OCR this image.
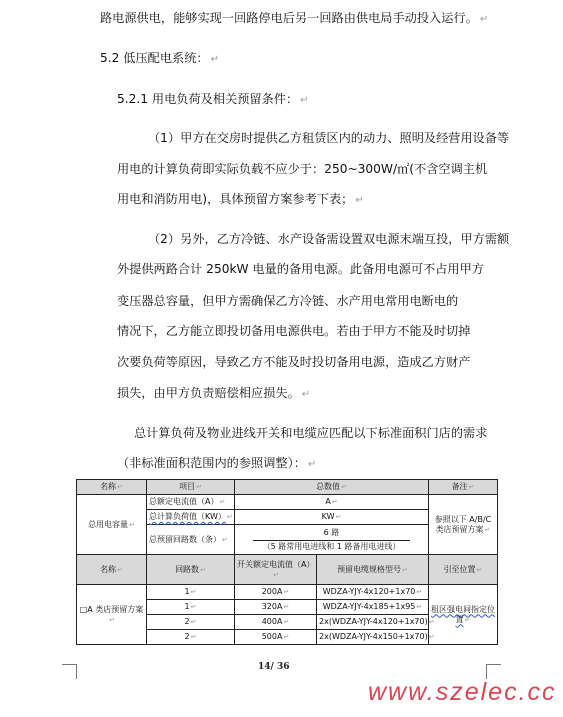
路电源供电，能够实现一回路停电后另一回路由供电局手动投入运行。 ↵
5.2 低压配电系统： ↵
5.2.1 用电负荷及相关预留条件： ↵
（1）甲方在交房时提供乙方租赁区内的动力、照明及经营用设备等
用电的计算负荷即实际负载不应少于：250~300W/㎡(不含空调主机
用电和消防用电)，具体预留方案参考下表； ↵
（2）另外，乙方冷链、水产设备需设置双电源末端互投，甲方需额
外提供两路合计 250kW 电量的备用电源。此备用电源可不占用甲方
变压器总容量，但甲方需确保乙方冷链、水产用电常用电断电的
情况下，乙方能立即投切备用电源供电。若由于甲方不能及时切掉
次要负荷等原因，导致乙方不能及时投切备用电源，造成乙方财产
损失，由甲方负责赔偿相应损失。 ↵
总计算负荷及物业进线开关和电缆应匹配以下标准面积门店的需求
（非标准面积范围内的参照调整）： ↵
名称↵	项目↵	总数值↵		备注↵
总用电容量↵	总额定电流值（A）↵	A↵		参照以下 A/B/C 类店预留方案↵
	总计算负荷值（KW）↵	KW↵		
	总预留回路数（条）↵	6 路
（5 路常用电进线和 1 路备用电进线）		

名称↵	回路数↵	开关额定电流值（A）↵	预留电缆规格型号↵	引至位置↵
□A 类店预留方案↵	1↵	200A↵	WDZA-YJY-4x120+1x70↵	租区强电间指定位置↵
	1↵	320A↵	WDZA-YJY-4x185+1x95↵	
	2↵	400A↵	2x(WDZA-YJY-4x120+1x70)↵	
	2↵	500A↵	2x(WDZA-YJY-4x150+1x70)↵	
14/ 36
www.szelec.cc
